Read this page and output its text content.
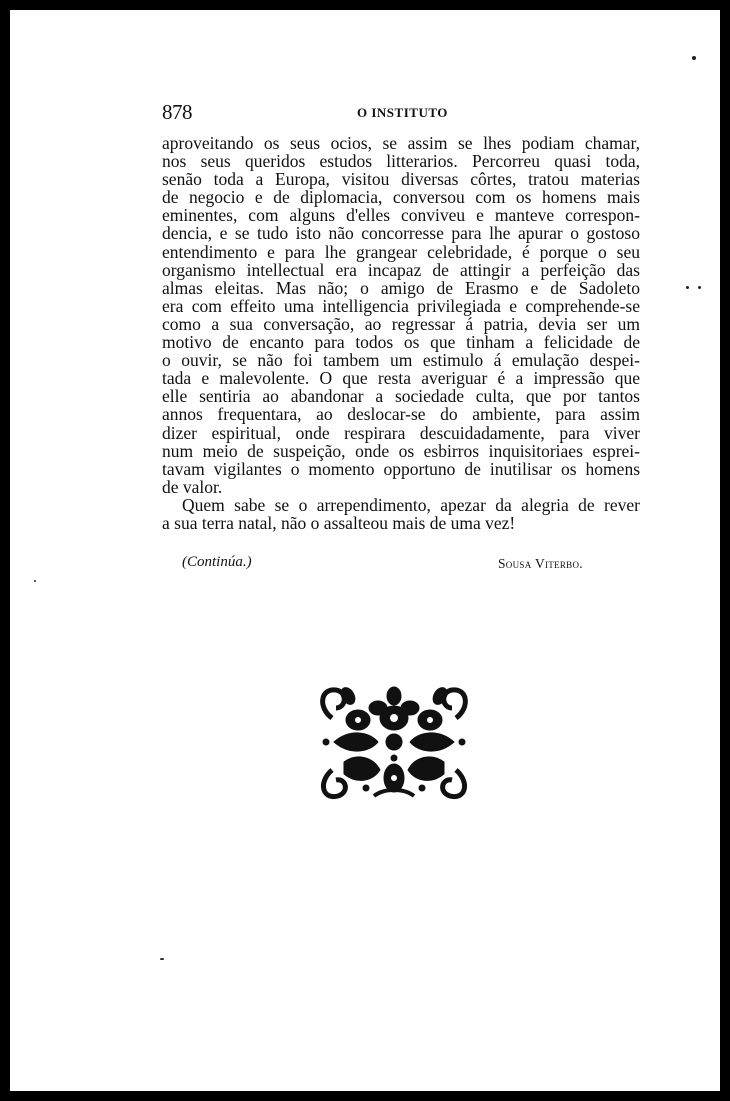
878	O INSTITUTO
aproveitando os seus ocios, se assim se lhes podiam chamar,
nos seus queridos estudos litterarios. Percorreu quasi toda,
senão toda a Europa, visitou diversas côrtes, tratou materias
de negocio e de diplomacia, conversou com os homens mais
eminentes, com alguns d'elles conviveu e manteve correspon-
dencia, e se tudo isto não concorresse para lhe apurar o gostoso
entendimento e para lhe grangear celebridade, é porque o seu
organismo intellectual era incapaz de attingir a perfeição das
almas eleitas. Mas não; o amigo de Erasmo e de Sadoleto
era com effeito uma intelligencia privilegiada e comprehende-se
como a sua conversação, ao regressar á patria, devia ser um
motivo de encanto para todos os que tinham a felicidade de
o ouvir, se não foi tambem um estimulo á emulação despei-
tada e malevolente. O que resta averiguar é a impressão que
elle sentiria ao abandonar a sociedade culta, que por tantos
annos frequentara, ao deslocar-se do ambiente, para assim
dizer espiritual, onde respirara descuidadamente, para viver
num meio de suspeição, onde os esbirros inquisitoriaes esprei-
tavam vigilantes o momento opportuno de inutilisar os homens
de valor.
Quem sabe se o arrependimento, apezar da alegria de rever
a sua terra natal, não o assalteou mais de uma vez!
(Continúa.)	Sousa Viterbo.
